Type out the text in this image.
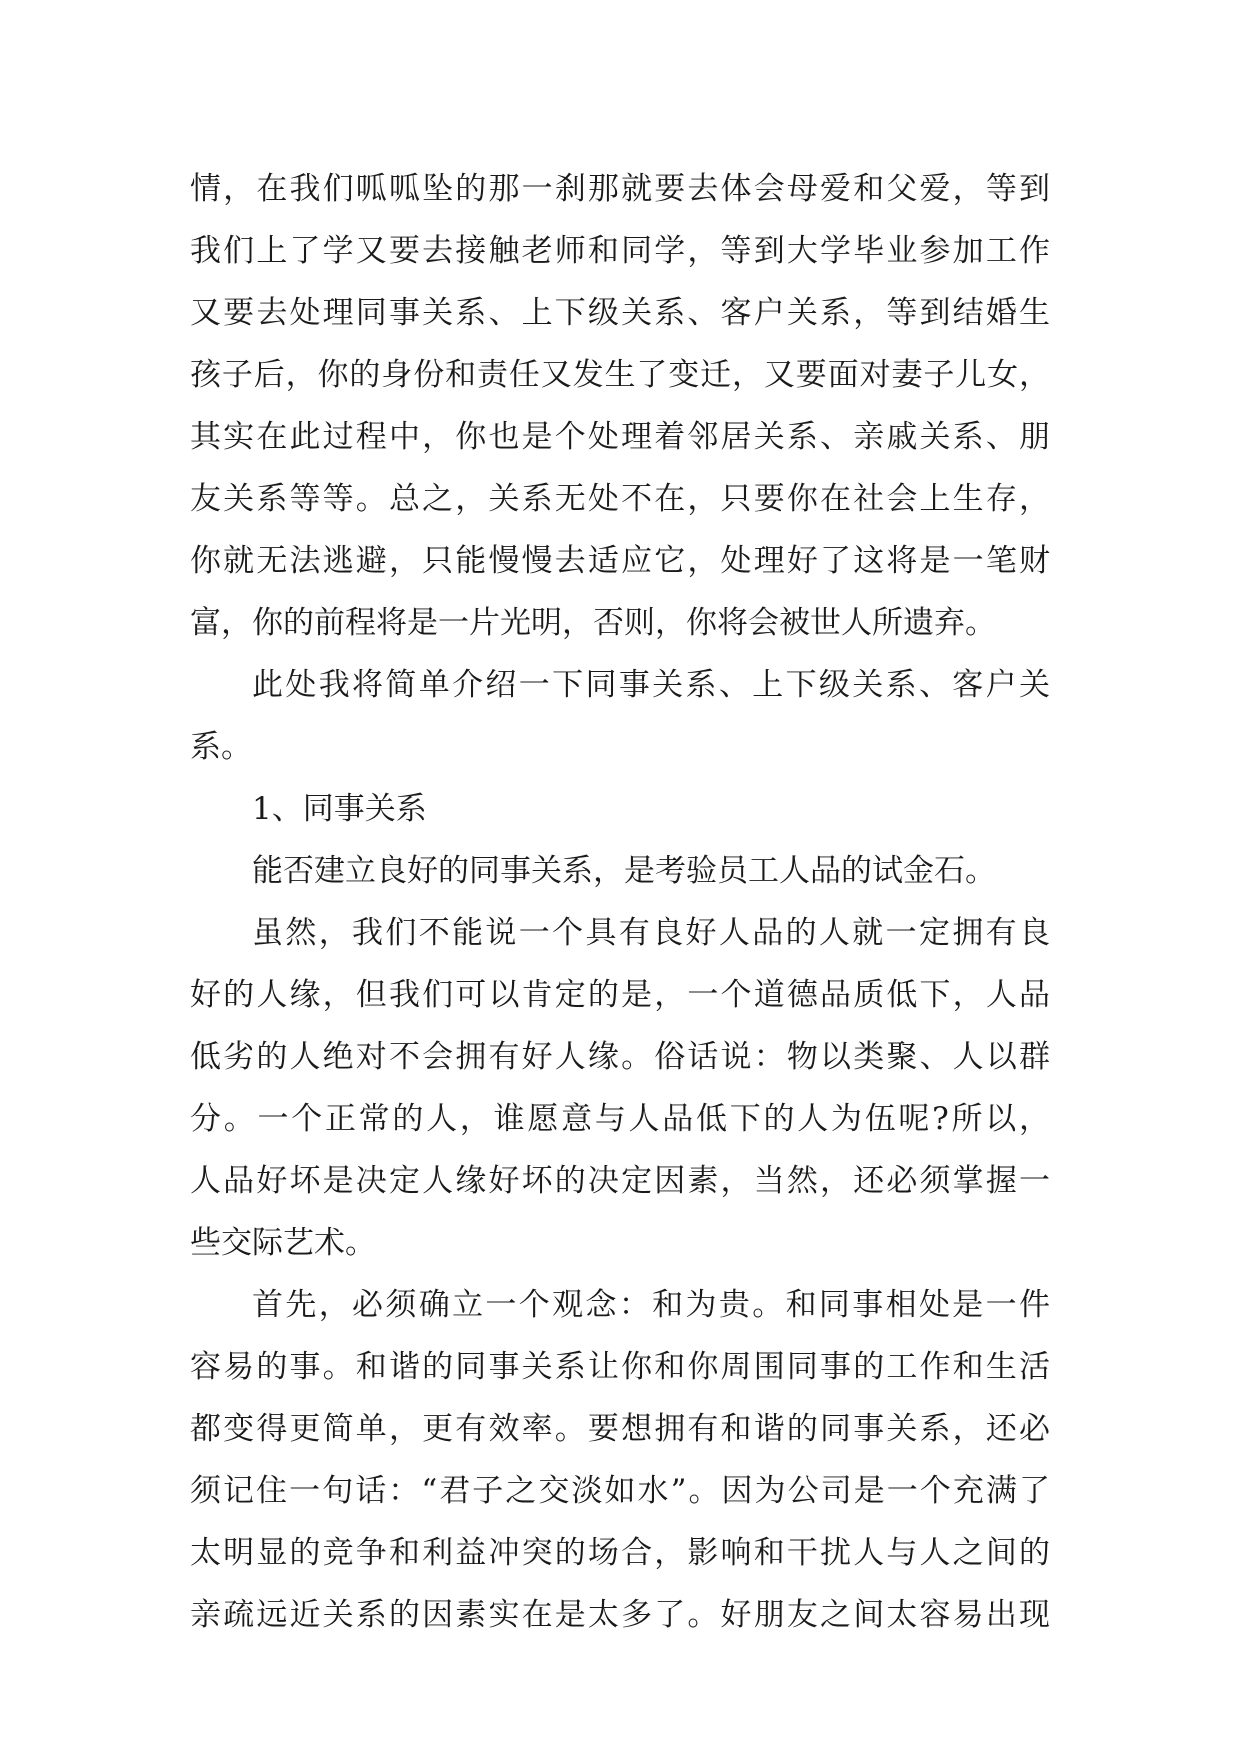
情，在我们呱呱坠的那一刹那就要去体会母爱和父爱，等到
我们上了学又要去接触老师和同学，等到大学毕业参加工作
又要去处理同事关系、上下级关系、客户关系，等到结婚生
孩子后，你的身份和责任又发生了变迁，又要面对妻子儿女，
其实在此过程中，你也是个处理着邻居关系、亲戚关系、朋
友关系等等。总之，关系无处不在，只要你在社会上生存，
你就无法逃避，只能慢慢去适应它，处理好了这将是一笔财
富，你的前程将是一片光明，否则，你将会被世人所遗弃。
此处我将简单介绍一下同事关系、上下级关系、客户关
系。
1、同事关系
能否建立良好的同事关系，是考验员工人品的试金石。
虽然，我们不能说一个具有良好人品的人就一定拥有良
好的人缘，但我们可以肯定的是，一个道德品质低下，人品
低劣的人绝对不会拥有好人缘。俗话说：物以类聚、人以群
分。一个正常的人，谁愿意与人品低下的人为伍呢?所以，
人品好坏是决定人缘好坏的决定因素，当然，还必须掌握一
些交际艺术。
首先，必须确立一个观念：和为贵。和同事相处是一件
容易的事。和谐的同事关系让你和你周围同事的工作和生活
都变得更简单，更有效率。要想拥有和谐的同事关系，还必
须记住一句话：“君子之交淡如水”。因为公司是一个充满了
太明显的竞争和利益冲突的场合，影响和干扰人与人之间的
亲疏远近关系的因素实在是太多了。好朋友之间太容易出现
